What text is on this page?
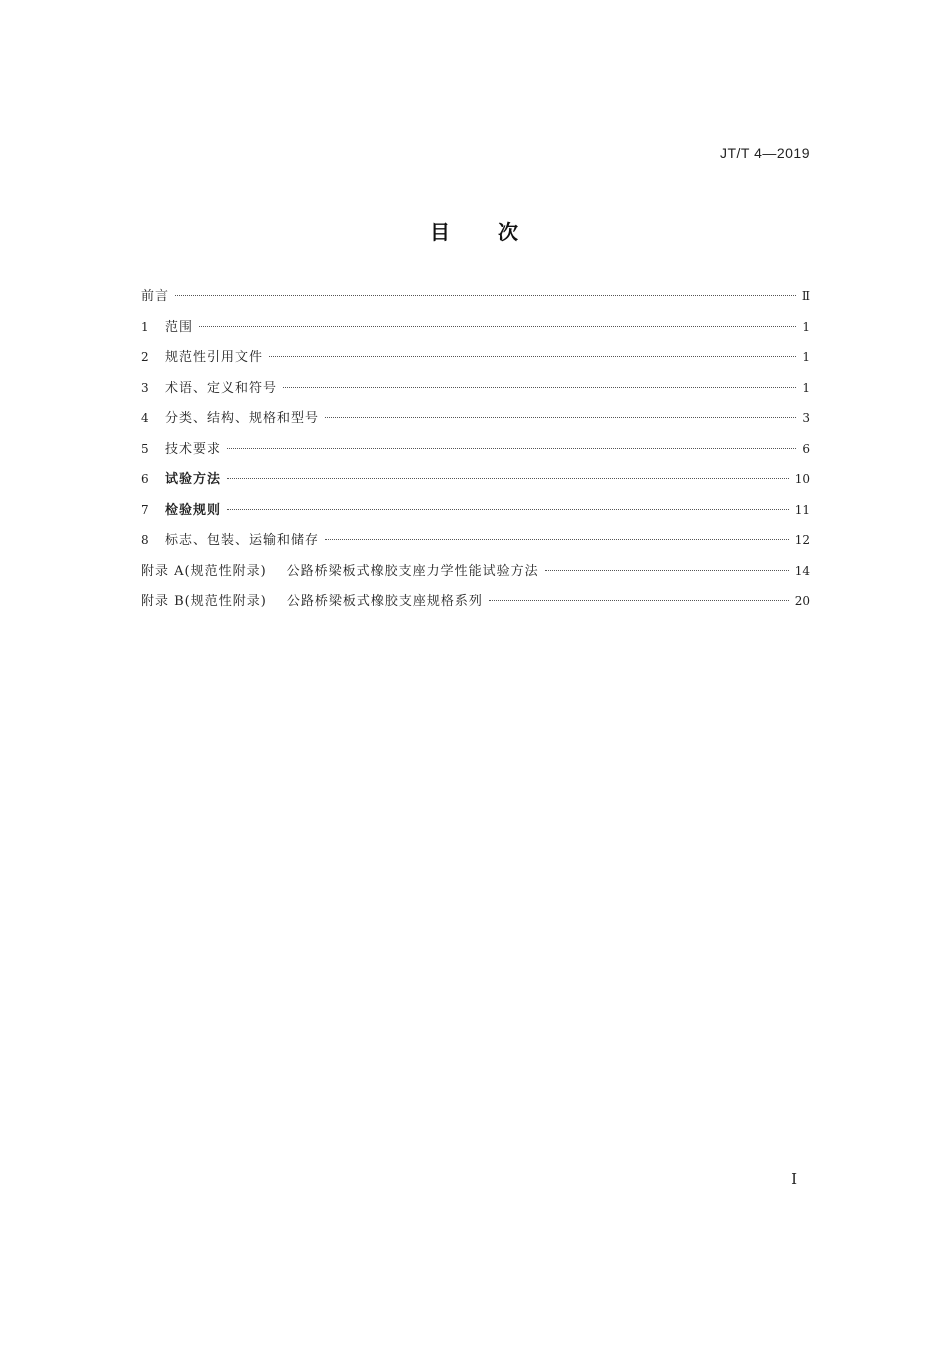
JT/T 4—2019
目 次
前言	Ⅱ
1	范围	1
2	规范性引用文件	1
3	术语、定义和符号	1
4	分类、结构、规格和型号	3
5	技术要求	6
6	试验方法	10
7	检验规则	11
8	标志、包装、运输和储存	12
附录 A(规范性附录) 公路桥梁板式橡胶支座力学性能试验方法	14
附录 B(规范性附录) 公路桥梁板式橡胶支座规格系列	20
I
